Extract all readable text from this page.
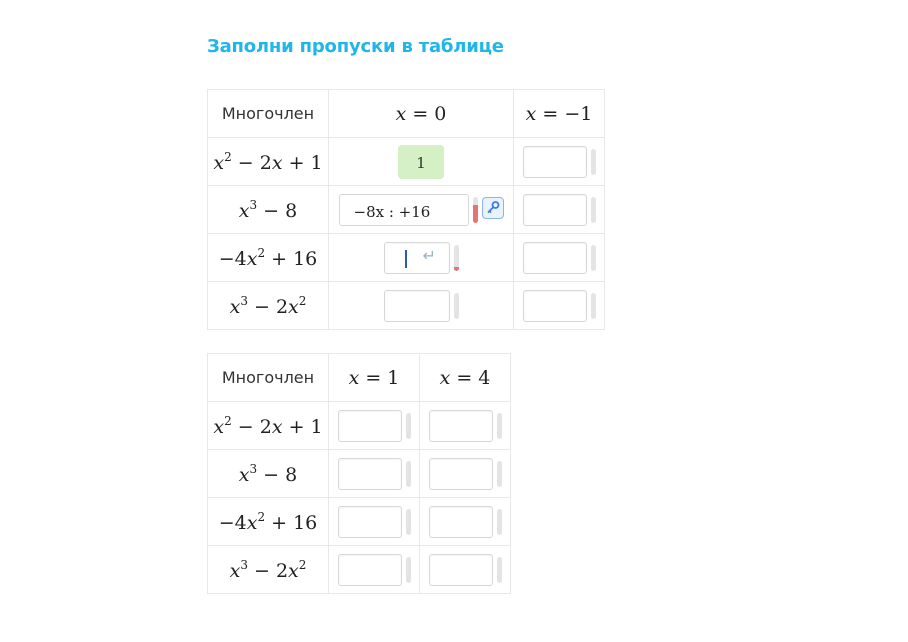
Заполни пропуски в таблице
Многочлен	x = 0	x = −1
$x^2 - 2x + 1$	1	
$x^3 - 8$	−8x : +16	
$-4x^2 + 16$	↵	

$x^3 - 2x^2$		
Многочлен	x = 1	x = 4
$x^2 - 2x + 1$		
$x^3 - 8$		
$-4x^2 + 16$		
$x^3 - 2x^2$		
